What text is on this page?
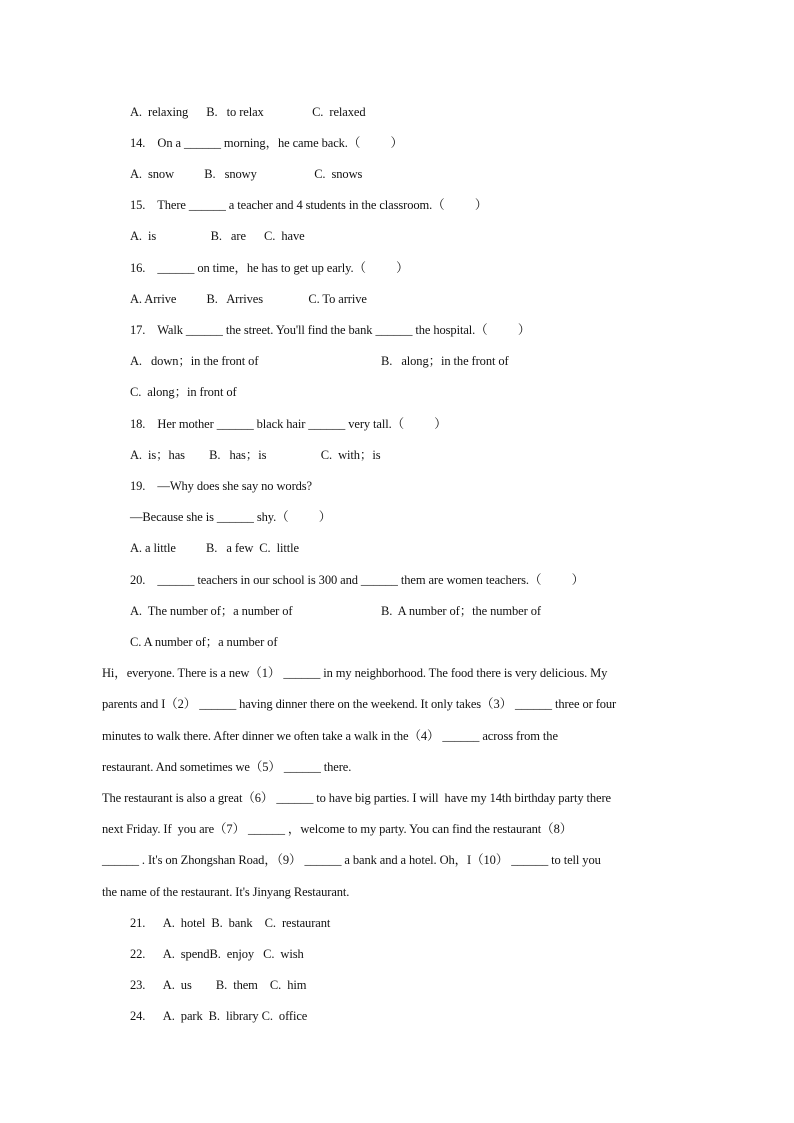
A.  relaxing      B.   to relax                C.  relaxed
14.    On a ______ morning，he came back.（          ）
A.  snow          B.   snowy                   C.  snows
15.    There ______ a teacher and 4 students in the classroom.（          ）
A.  is                  B.   are      C.  have
16.    ______ on time，he has to get up early.（          ）
A. Arrive          B.   Arrives               C. To arrive
17.    Walk ______ the street. You'll find the bank ______ the hospital.（          ）
A.   down；in the front of	B.   along；in the front of
C.  along；in front of
18.    Her mother ______ black hair ______ very tall.（          ）
A.  is；has        B.   has；is                  C.  with；is
19.    —Why does she say no words?
—Because she is ______ shy.（          ）
A. a little          B.   a few  C.  little
20.    ______ teachers in our school is 300 and ______ them are women teachers.（          ）
A.  The number of；a number of	B.  A number of；the number of
C. A number of；a number of
Hi，everyone. There is a new（1） ______ in my neighborhood. The food there is very delicious. My
parents and I（2） ______ having dinner there on the weekend. It only takes（3） ______ three or four
minutes to walk there. After dinner we often take a walk in the（4） ______ across from the
restaurant. And sometimes we（5） ______ there.
The restaurant is also a great（6） ______ to have big parties. I will  have my 14th birthday party there
next Friday. If  you are（7） ______ ，welcome to my party. You can find the restaurant（8）
______ . It's on Zhongshan Road，（9） ______ a bank and a hotel. Oh，I（10） ______ to tell you
the name of the restaurant. It's Jinyang Restaurant.
21.      A.  hotel  B.  bank    C.  restaurant
22.      A.  spendB.  enjoy   C.  wish
23.      A.  us        B.  them    C.  him
24.      A.  park  B.  library C.  office
